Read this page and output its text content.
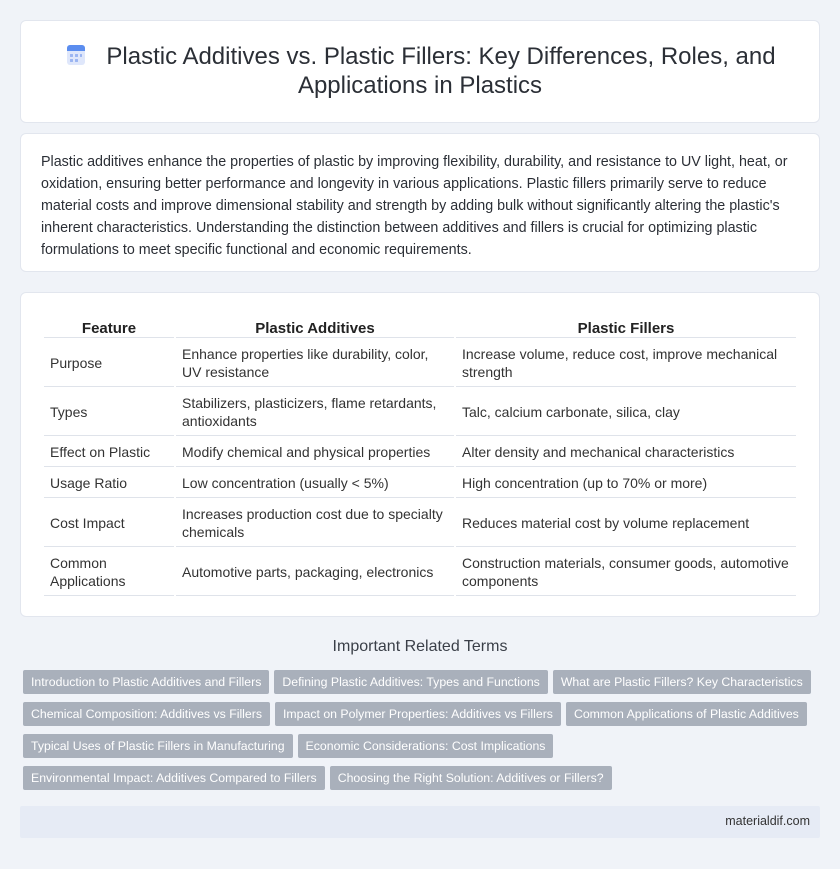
Plastic Additives vs. Plastic Fillers: Key Differences, Roles, and
Applications in Plastics

Plastic additives enhance the properties of plastic by improving flexibility, durability, and resistance to UV light, heat, or oxidation, ensuring better performance and longevity in various applications. Plastic fillers primarily serve to reduce material costs and improve dimensional stability and strength by adding bulk without significantly altering the plastic's inherent characteristics. Understanding the distinction between additives and fillers is crucial for optimizing plastic formulations to meet specific functional and economic requirements.

Feature	Plastic Additives	Plastic Fillers
Purpose	Enhance properties like durability, color, UV resistance	Increase volume, reduce cost, improve mechanical strength
Types	Stabilizers, plasticizers, flame retardants, antioxidants	Talc, calcium carbonate, silica, clay
Effect on Plastic	Modify chemical and physical properties	Alter density and mechanical characteristics
Usage Ratio	Low concentration (usually < 5%)	High concentration (up to 70% or more)
Cost Impact	Increases production cost due to specialty chemicals	Reduces material cost by volume replacement
Common Applications	Automotive parts, packaging, electronics	Construction materials, consumer goods, automotive components
Important Related Terms
Introduction to Plastic Additives and Fillers Defining Plastic Additives: Types and Functions What are Plastic Fillers? Key Characteristics
Chemical Composition: Additives vs Fillers Impact on Polymer Properties: Additives vs Fillers Common Applications of Plastic Additives
Typical Uses of Plastic Fillers in Manufacturing Economic Considerations: Cost Implications
Environmental Impact: Additives Compared to Fillers Choosing the Right Solution: Additives or Fillers?
materialdif.com
